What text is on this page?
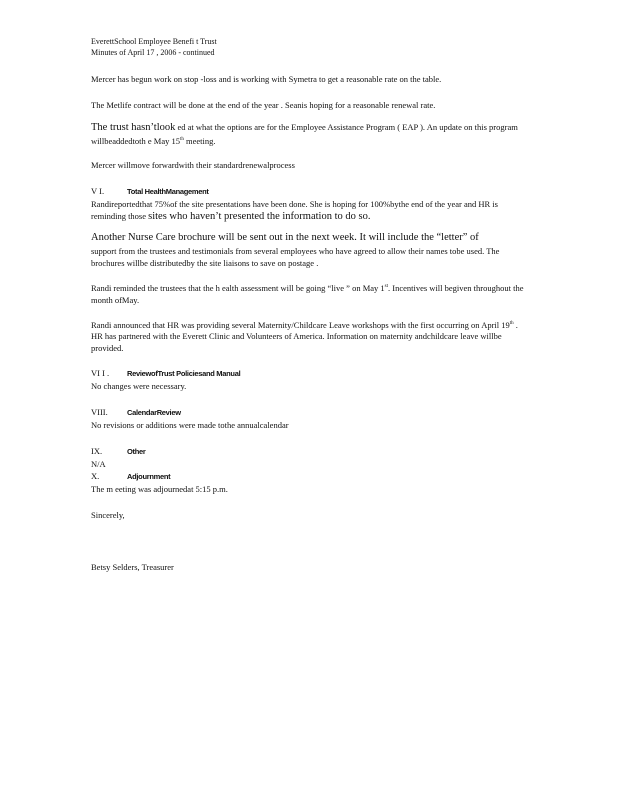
EverettSchool Employee Benefi t Trust
Minutes of April 17 , 2006 - continued

Mercer has begun work on stop -loss and is working with Symetra to get a reasonable rate on the table.

The Metlife contract will be done at the end of the year . Seanis hoping for a reasonable renewal rate.

The trust hasn’tlook ed at what the options are for the Employee Assistance Program ( EAP ). An update on this program willbeaddedtoth e May 15th meeting.

Mercer willmove forwardwith their standardrenewalprocess

V I.	Total HealthManagement

Randireportedthat 75%of the site presentations have been done. She is hoping for 100%bythe end of the year and HR is reminding those sites who haven’t presented the information to do so.

Another Nurse Care brochure will be sent out in the next week. It will include the “letter” of
support from the trustees and testimonials from several employees who have agreed to allow their names tobe used. The brochures willbe distributedby the site liaisons to save on postage .

Randi reminded the trustees that the h ealth assessment will be going “live ” on May 1st. Incentives will begiven throughout the month ofMay.

Randi announced that HR was providing several Maternity/Childcare Leave workshops with the first occurring on April 19th . HR has partnered with the Everett Clinic and Volunteers of America. Information on maternity andchildcare leave willbe provided.

VI I . ReviewofTrust Policiesand Manual

No changes were necessary.

VIII.	CalendarReview

No revisions or additions were made tothe annualcalendar

IX.	Other

N/A

X.	Adjournment

The m eeting was adjournedat 5:15 p.m.

Sincerely,

Betsy Selders, Treasurer
